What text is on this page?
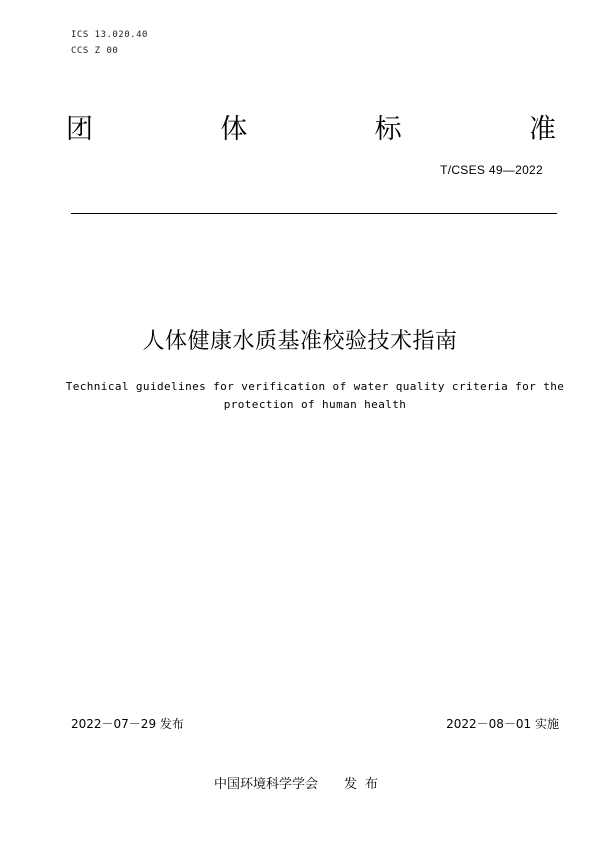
ICS 13.020.40
CCS Z 00
团	体	标	准
T/CSES 49—2022
人体健康水质基准校验技术指南
Technical guidelines for verification of water quality criteria for the
protection of human health
2022－07－29 发布	2022－08－01 实施
中国环境科学学会 发布
